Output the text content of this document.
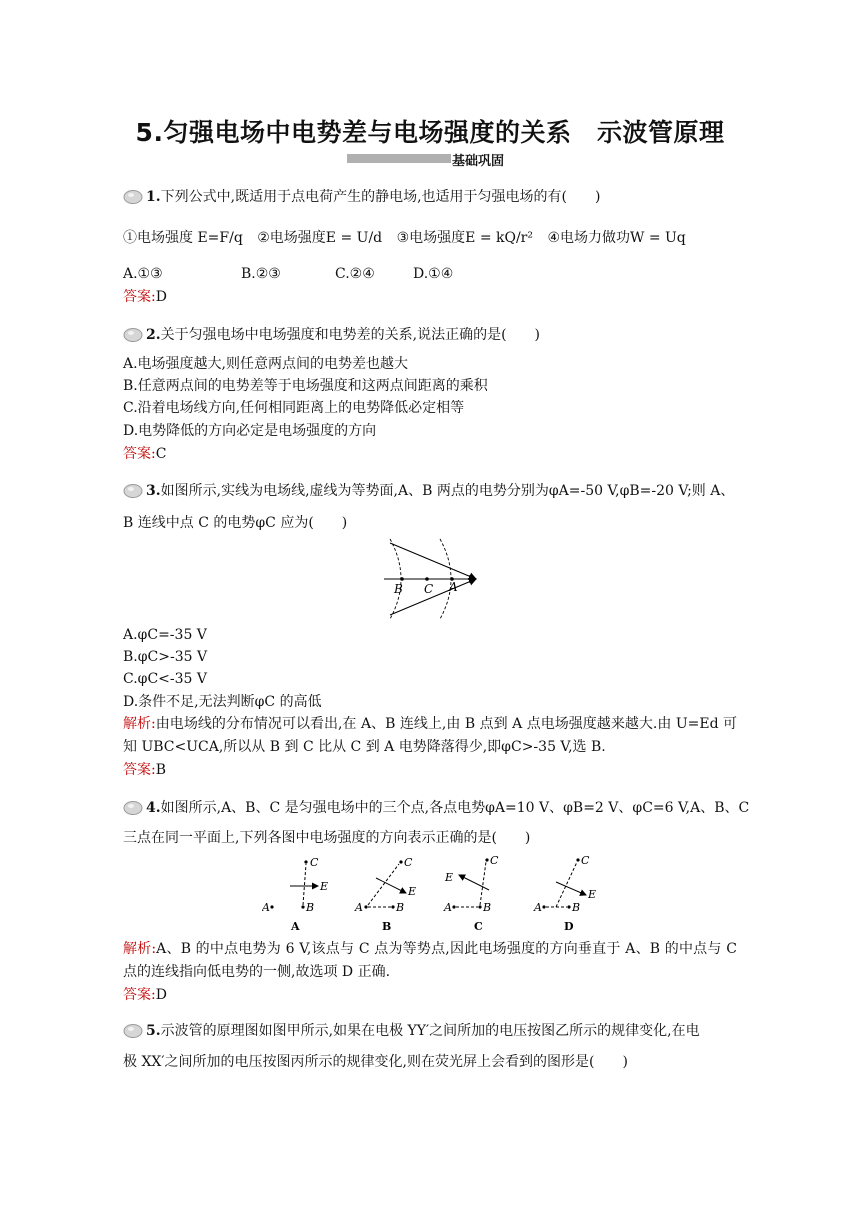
5.匀强电场中电势差与电场强度的关系　示波管原理
基础巩固
1.下列公式中,既适用于点电荷产生的静电场,也适用于匀强电场的有(　　)
①电场强度 E=F/q ②电场强度E = U/d ③电场强度E = kQ/r² ④电场力做功W = Uq
A.①③	B.②③	C.②④	D.①④
答案:D
2.关于匀强电场中电场强度和电势差的关系,说法正确的是(　　)
A.电场强度越大,则任意两点间的电势差也越大
B.任意两点间的电势差等于电场强度和这两点间距离的乘积
C.沿着电场线方向,任何相同距离上的电势降低必定相等
D.电势降低的方向必定是电场强度的方向
答案:C
3.如图所示,实线为电场线,虚线为等势面,A、B 两点的电势分别为φA=-50 V,φB=-20 V;则 A、
B 连线中点 C 的电势φC 应为(　　)
B C A
A.φC=-35 V
B.φC>-35 V
C.φC<-35 V
D.条件不足,无法判断φC 的高低
解析:由电场线的分布情况可以看出,在 A、B 连线上,由 B 点到 A 点电场强度越来越大.由 U=Ed 可知 UBC<UCA,所以从 B 到 C 比从 C 到 A 电势降落得少,即φC>-35 V,选 B.
答案:B
4.如图所示,A、B、C 是匀强电场中的三个点,各点电势φA=10 V、φB=2 V、φC=6 V,A、B、C
三点在同一平面上,下列各图中电场强度的方向表示正确的是(　　)
A	B
C
E
A
A	B
C
E
B
E
A	B
C
C
A	B
C
E
D
解析:A、B 的中点电势为 6 V,该点与 C 点为等势点,因此电场强度的方向垂直于 A、B 的中点与 C 点的连线指向低电势的一侧,故选项 D 正确.
答案:D
5.示波管的原理图如图甲所示,如果在电极 YY′之间所加的电压按图乙所示的规律变化,在电
极 XX′之间所加的电压按图丙所示的规律变化,则在荧光屏上会看到的图形是(　　)
